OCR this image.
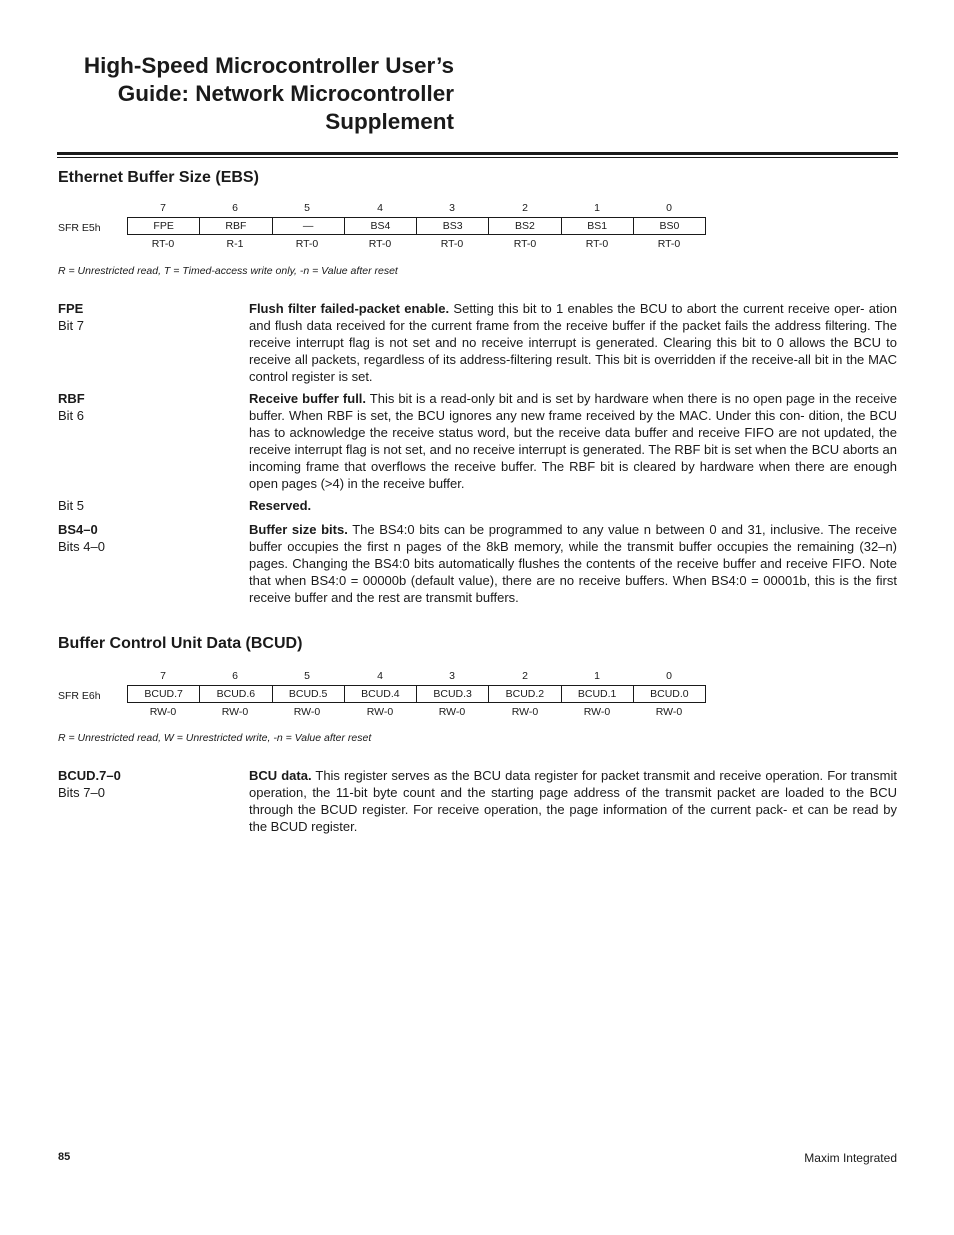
High-Speed Microcontroller User’s
Guide: Network Microcontroller
Supplement
Ethernet Buffer Size (EBS)
7	6	5	4	3	2	1	0
SFR E5h	FPE	RBF	—	BS4	BS3	BS2	BS1	BS0
RT-0	R-1	RT-0	RT-0	RT-0	RT-0	RT-0	RT-0

R = Unrestricted read, T = Timed-access write only, -n = Value after reset

FPE
Bit 7

Flush filter failed-packet enable. Setting this bit to 1 enables the BCU to abort the current receive oper- ation and flush data received for the current frame from the receive buffer if the packet fails the address filtering. The receive interrupt flag is not set and no receive interrupt is generated. Clearing this bit to 0 allows the BCU to receive all packets, regardless of its address-filtering result. This bit is overridden if the receive-all bit in the MAC control register is set.

RBF
Bit 6

Receive buffer full. This bit is a read-only bit and is set by hardware when there is no open page in the receive buffer. When RBF is set, the BCU ignores any new frame received by the MAC. Under this con- dition, the BCU has to acknowledge the receive status word, but the receive data buffer and receive FIFO are not updated, the receive interrupt flag is not set, and no receive interrupt is generated. The RBF bit is set when the BCU aborts an incoming frame that overflows the receive buffer. The RBF bit is cleared by hardware when there are enough open pages (>4) in the receive buffer.

Bit 5	Reserved.

BS4–0
Bits 4–0

Buffer size bits. The BS4:0 bits can be programmed to any value n between 0 and 31, inclusive. The receive buffer occupies the first n pages of the 8kB memory, while the transmit buffer occupies the remaining (32–n) pages. Changing the BS4:0 bits automatically flushes the contents of the receive buffer and receive FIFO. Note that when BS4:0 = 00000b (default value), there are no receive buffers. When BS4:0 = 00001b, this is the first receive buffer and the rest are transmit buffers.

Buffer Control Unit Data (BCUD)
7	6	5	4	3	2	1	0
SFR E6h	BCUD.7	BCUD.6	BCUD.5	BCUD.4	BCUD.3	BCUD.2	BCUD.1	BCUD.0
RW-0	RW-0	RW-0	RW-0	RW-0	RW-0	RW-0	RW-0

R = Unrestricted read, W = Unrestricted write, -n = Value after reset

BCUD.7–0
Bits 7–0

BCU data. This register serves as the BCU data register for packet transmit and receive operation. For transmit operation, the 11-bit byte count and the starting page address of the transmit packet are loaded to the BCU through the BCUD register. For receive operation, the page information of the current pack- et can be read by the BCUD register.

85	Maxim Integrated
